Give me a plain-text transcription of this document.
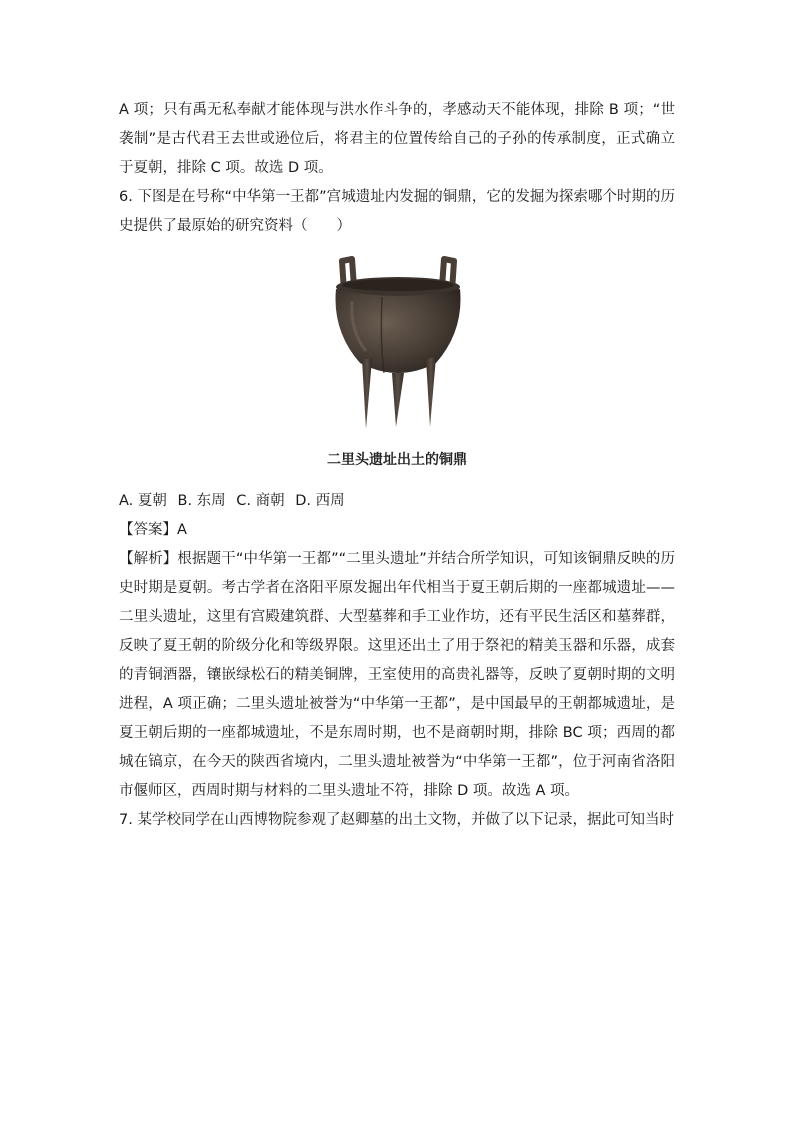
A 项；只有禹无私奉献才能体现与洪水作斗争的，孝感动天不能体现，排除 B 项；“世袭制”是古代君王去世或逊位后，将君主的位置传给自己的子孙的传承制度，正式确立于夏朝，排除 C 项。故选 D 项。

6. 下图是在号称“中华第一王都”宫城遗址内发掘的铜鼎，它的发掘为探索哪个时期的历史提供了最原始的研究资料（　　）

二里头遗址出土的铜鼎

A. 夏朝 B. 东周 C. 商朝 D. 西周

【答案】A

【解析】根据题干“中华第一王都”“二里头遗址”并结合所学知识，可知该铜鼎反映的历史时期是夏朝。考古学者在洛阳平原发掘出年代相当于夏王朝后期的一座都城遗址——二里头遗址，这里有宫殿建筑群、大型墓葬和手工业作坊，还有平民生活区和墓葬群，反映了夏王朝的阶级分化和等级界限。这里还出土了用于祭祀的精美玉器和乐器，成套的青铜酒器，镶嵌绿松石的精美铜牌，王室使用的高贵礼器等，反映了夏朝时期的文明进程，A 项正确；二里头遗址被誉为“中华第一王都”，是中国最早的王朝都城遗址，是夏王朝后期的一座都城遗址，不是东周时期，也不是商朝时期，排除 BC 项；西周的都城在镐京，在今天的陕西省境内，二里头遗址被誉为“中华第一王都”，位于河南省洛阳市偃师区，西周时期与材料的二里头遗址不符，排除 D 项。故选 A 项。

7. 某学校同学在山西博物院参观了赵卿墓的出土文物，并做了以下记录，据此可知当时
